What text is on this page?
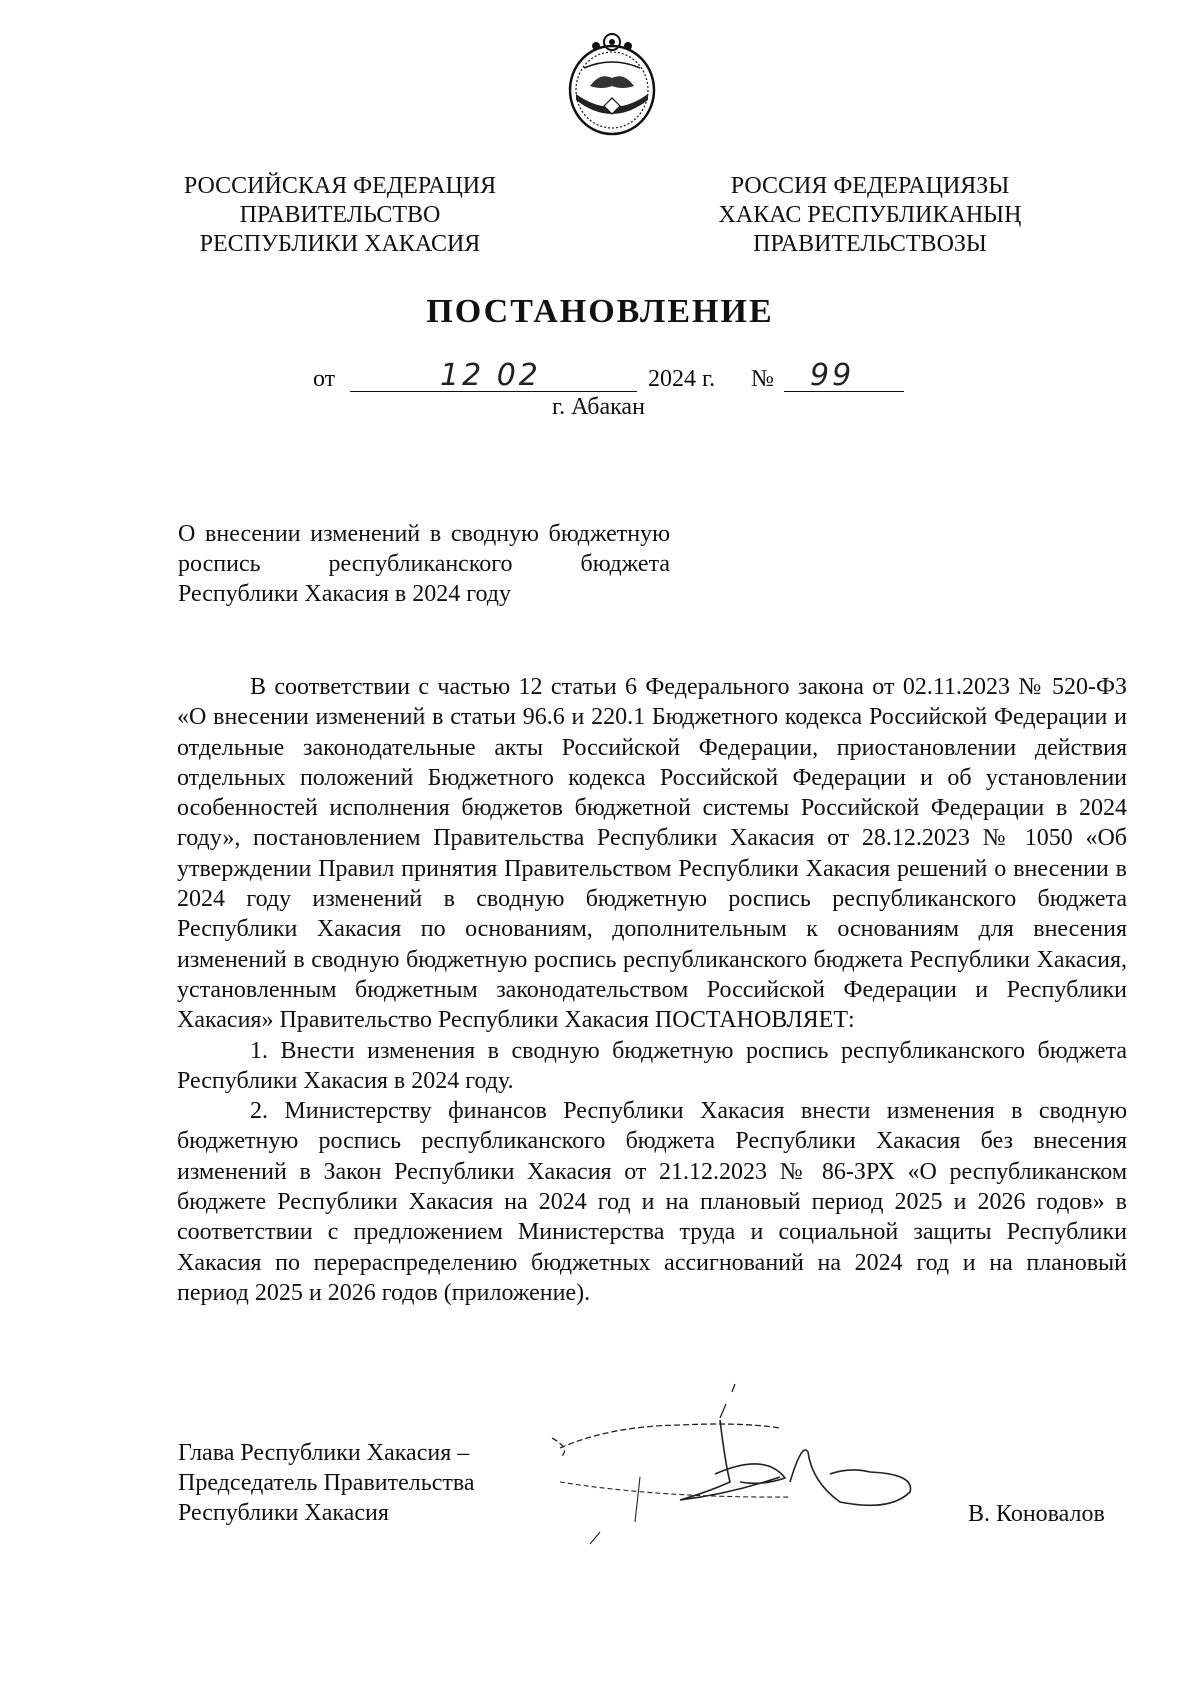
РОССИЙСКАЯ ФЕДЕРАЦИЯ
ПРАВИТЕЛЬСТВО
РЕСПУБЛИКИ ХАКАСИЯ
РОССИЯ ФЕДЕРАЦИЯЗЫ
ХАКАС РЕСПУБЛИКАНЫҢ
ПРАВИТЕЛЬСТВОЗЫ
ПОСТАНОВЛЕНИЕ
от	12 02	2024 г. № 99
г. Абакан
О внесении изменений в сводную бюджетную роспись республиканского бюджета Республики Хакасия в 2024 году

В соответствии с частью 12 статьи 6 Федерального закона от 02.11.2023 № 520-ФЗ «О внесении изменений в статьи 96.6 и 220.1 Бюджетного кодекса Российской Федерации и отдельные законодательные акты Российской Федерации, приостановлении действия отдельных положений Бюджетного кодекса Российской Федерации и об установлении особенностей исполнения бюджетов бюджетной системы Российской Федерации в 2024 году», постановлением Правительства Республики Хакасия от 28.12.2023 № 1050 «Об утверждении Правил принятия Правительством Республики Хакасия решений о внесении в 2024 году изменений в сводную бюджетную роспись республиканского бюджета Республики Хакасия по основаниям, дополнительным к основаниям для внесения изменений в сводную бюджетную роспись республиканского бюджета Республики Хакасия, установленным бюджетным законодательством Российской Федерации и Республики Хакасия» Правительство Республики Хакасия ПОСТАНОВЛЯЕТ:

1. Внести изменения в сводную бюджетную роспись республиканского бюджета Республики Хакасия в 2024 году.

2. Министерству финансов Республики Хакасия внести изменения в сводную бюджетную роспись республиканского бюджета Республики Хакасия без внесения изменений в Закон Республики Хакасия от 21.12.2023 № 86-ЗРХ «О республиканском бюджете Республики Хакасия на 2024 год и на плановый период 2025 и 2026 годов» в соответствии с предложением Министерства труда и социальной защиты Республики Хакасия по перераспределению бюджетных ассигнований на 2024 год и на плановый период 2025 и 2026 годов (приложение).

Глава Республики Хакасия –
Председатель Правительства
Республики Хакасия	В. Коновалов
